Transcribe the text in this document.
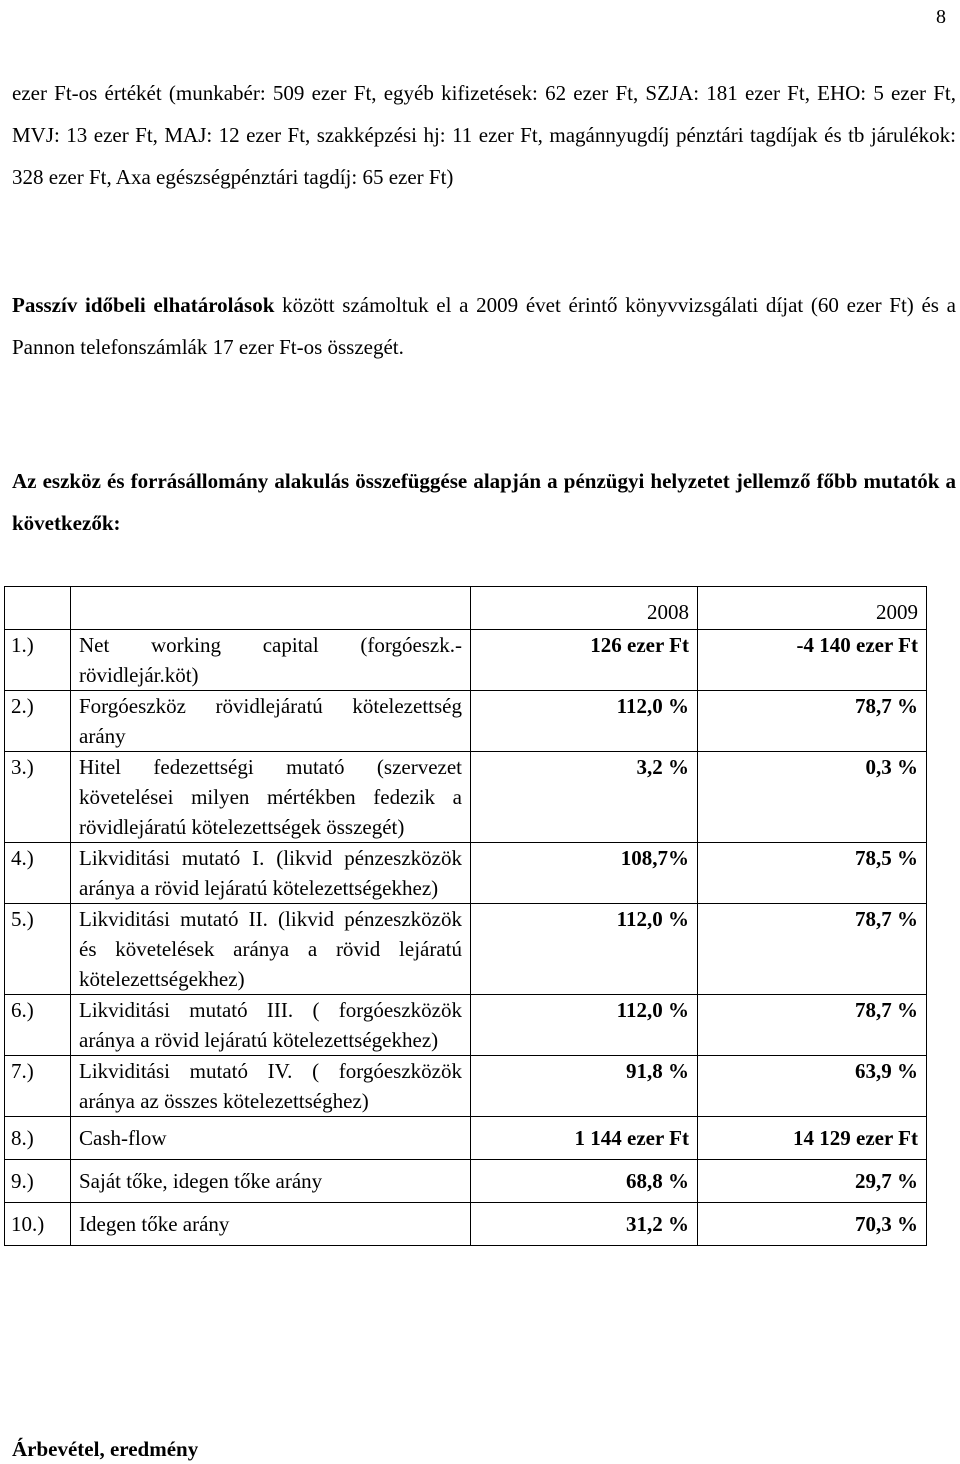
8

ezer Ft-os értékét (munkabér: 509 ezer Ft, egyéb kifizetések: 62 ezer Ft, SZJA: 181 ezer Ft, EHO: 5 ezer Ft, MVJ: 13 ezer Ft, MAJ: 12 ezer Ft, szakképzési hj: 11 ezer Ft, magánnyugdíj pénztári tagdíjak és tb járulékok: 328 ezer Ft, Axa egészségpénztári tagdíj: 65 ezer Ft)

Passzív időbeli elhatárolások között számoltuk el a 2009 évet érintő könyvvizsgálati díjat (60 ezer Ft) és a Pannon telefonszámlák 17 ezer Ft-os összegét.

Az eszköz és forrásállomány alakulás összefüggése alapján a pénzügyi helyzetet jellemző főbb mutatók a következők:

		2008	2009
1.)	Net working capital (forgóeszk.-rövidlejár.köt)	126 ezer Ft	-4 140 ezer Ft
2.)	Forgóeszköz rövidlejáratú kötelezettség arány	112,0 %	78,7 %
3.)	Hitel fedezettségi mutató (szervezet követelései milyen mértékben fedezik a rövidlejáratú kötelezettségek összegét)	3,2 %	0,3 %
4.)	Likviditási mutató I. (likvid pénzeszközök aránya a rövid lejáratú kötelezettségekhez)	108,7%	78,5 %
5.)	Likviditási mutató II. (likvid pénzeszközök és követelések aránya a rövid lejáratú kötelezettségekhez)	112,0 %	78,7 %
6.)	Likviditási mutató III. ( forgóeszközök aránya a rövid lejáratú kötelezettségekhez)	112,0 %	78,7 %
7.)	Likviditási mutató IV. ( forgóeszközök aránya az összes kötelezettséghez)	91,8 %	63,9 %
8.)	Cash-flow	1 144 ezer Ft	14 129 ezer Ft
9.)	Saját tőke, idegen tőke arány	68,8 %	29,7 %
10.)	Idegen tőke arány	31,2 %	70,3 %
Árbevétel, eredmény
